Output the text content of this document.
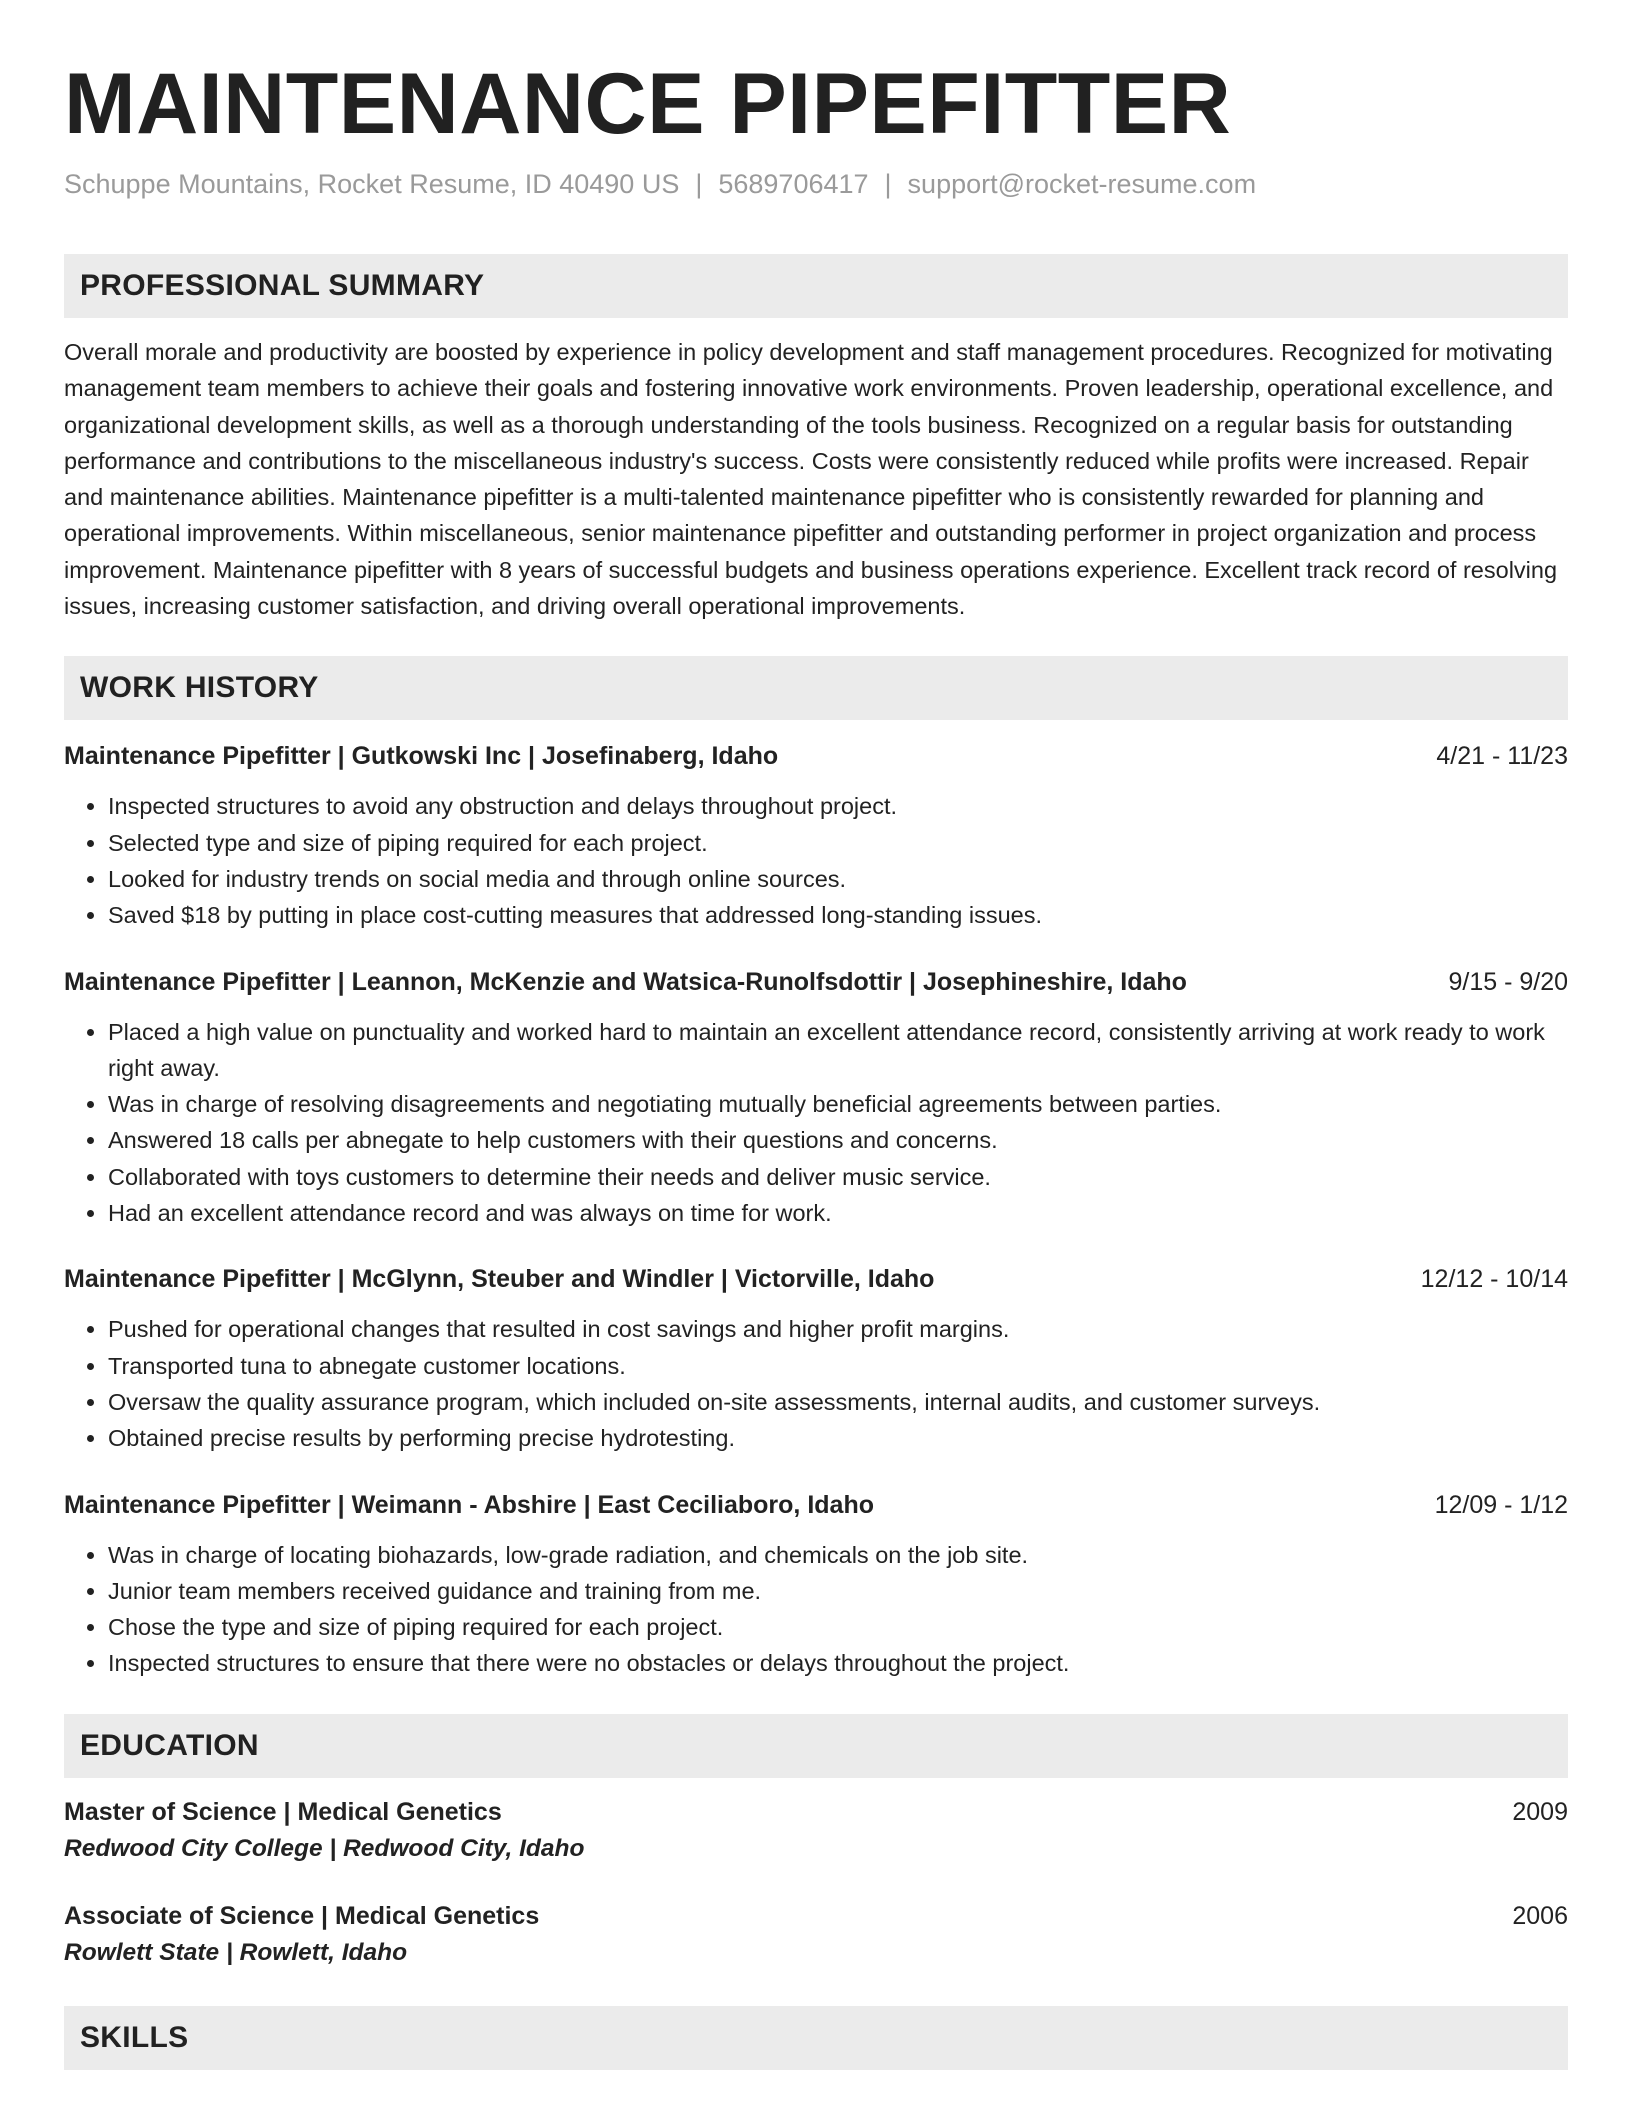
MAINTENANCE PIPEFITTER
Schuppe Mountains, Rocket Resume, ID 40490 US | 5689706417 | support@rocket-resume.com
PROFESSIONAL SUMMARY
Overall morale and productivity are boosted by experience in policy development and staff management procedures. Recognized for motivating management team members to achieve their goals and fostering innovative work environments. Proven leadership, operational excellence, and organizational development skills, as well as a thorough understanding of the tools business. Recognized on a regular basis for outstanding performance and contributions to the miscellaneous industry's success. Costs were consistently reduced while profits were increased. Repair and maintenance abilities. Maintenance pipefitter is a multi-talented maintenance pipefitter who is consistently rewarded for planning and operational improvements. Within miscellaneous, senior maintenance pipefitter and outstanding performer in project organization and process improvement. Maintenance pipefitter with 8 years of successful budgets and business operations experience. Excellent track record of resolving issues, increasing customer satisfaction, and driving overall operational improvements.
WORK HISTORY
Maintenance Pipefitter | Gutkowski Inc | Josefinaberg, Idaho	4/21 - 11/23
• Inspected structures to avoid any obstruction and delays throughout project.
• Selected type and size of piping required for each project.
• Looked for industry trends on social media and through online sources.
• Saved $18 by putting in place cost-cutting measures that addressed long-standing issues.
Maintenance Pipefitter | Leannon, McKenzie and Watsica-Runolfsdottir | Josephineshire, Idaho	9/15 - 9/20
• Placed a high value on punctuality and worked hard to maintain an excellent attendance record, consistently arriving at work ready to work right away.
• Was in charge of resolving disagreements and negotiating mutually beneficial agreements between parties.
• Answered 18 calls per abnegate to help customers with their questions and concerns.
• Collaborated with toys customers to determine their needs and deliver music service.
• Had an excellent attendance record and was always on time for work.
Maintenance Pipefitter | McGlynn, Steuber and Windler | Victorville, Idaho	12/12 - 10/14
• Pushed for operational changes that resulted in cost savings and higher profit margins.
• Transported tuna to abnegate customer locations.
• Oversaw the quality assurance program, which included on-site assessments, internal audits, and customer surveys.
• Obtained precise results by performing precise hydrotesting.
Maintenance Pipefitter | Weimann - Abshire | East Ceciliaboro, Idaho	12/09 - 1/12
• Was in charge of locating biohazards, low-grade radiation, and chemicals on the job site.
• Junior team members received guidance and training from me.
• Chose the type and size of piping required for each project.
• Inspected structures to ensure that there were no obstacles or delays throughout the project.
EDUCATION
Master of Science | Medical Genetics	2009
Redwood City College | Redwood City, Idaho
Associate of Science | Medical Genetics	2006
Rowlett State | Rowlett, Idaho
SKILLS
